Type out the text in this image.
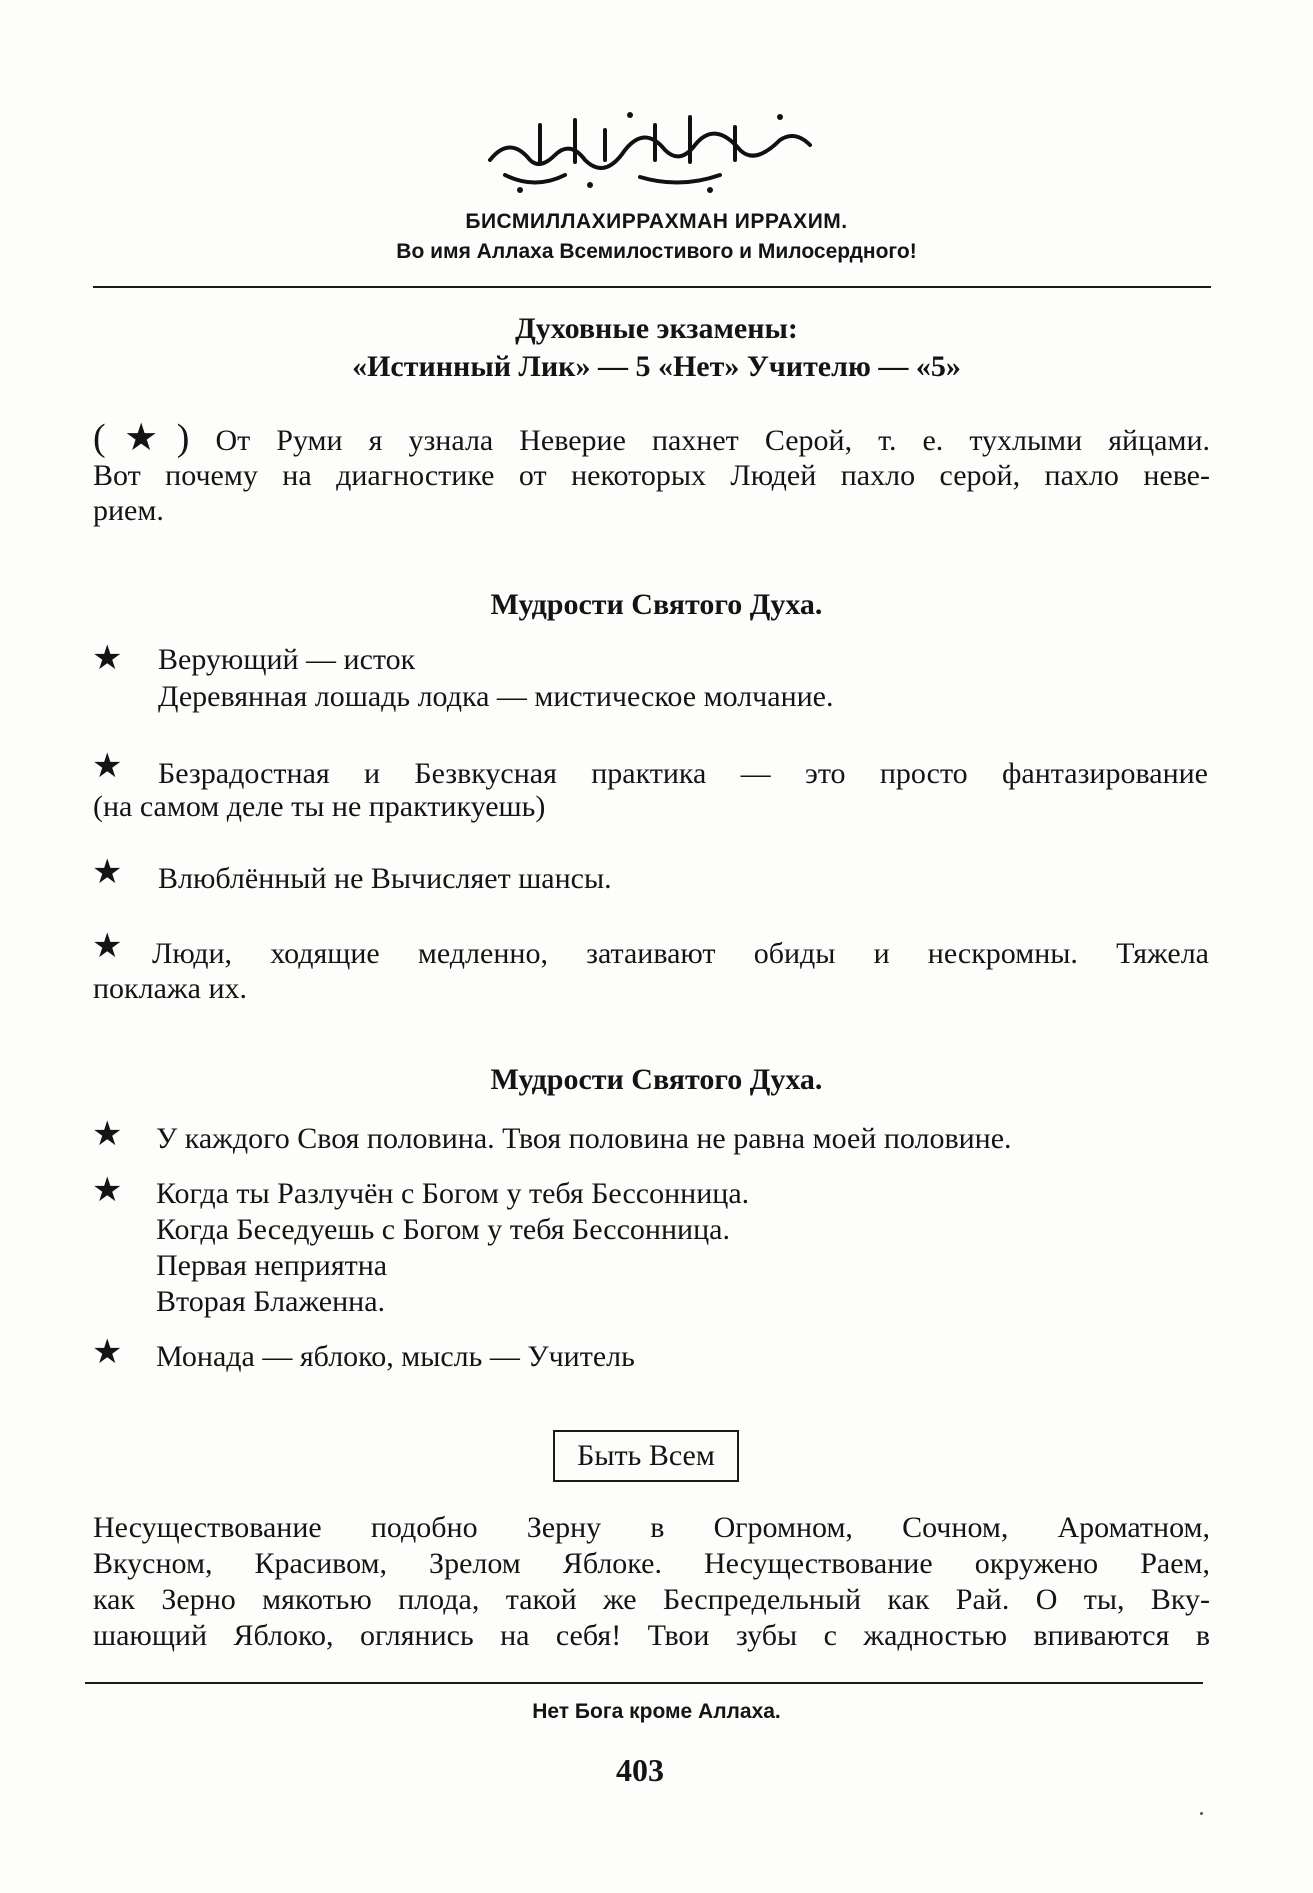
БИСМИЛЛАХИРРАХМАН ИРРАХИМ.
Во имя Аллаха Всемилостивого и Милосердного!
Духовные экзамены:
«Истинный Лик» — 5 «Нет» Учителю — «5»
(★) От Руми я узнала Неверие пахнет Серой, т. е. тухлыми яйцами.
Вот почему на диагностике от некоторых Людей пахло серой, пахло неве-
рием.
Мудрости Святого Духа.
★ Верующий — исток
Деревянная лошадь лодка — мистическое молчание.
★ Безрадостная и Безвкусная практика — это просто фантазирование
(на самом деле ты не практикуешь)
★ Влюблённый не Вычисляет шансы.
★ Люди, ходящие медленно, затаивают обиды и нескромны. Тяжела
поклажа их.
Мудрости Святого Духа.
★ У каждого Своя половина. Твоя половина не равна моей половине.
★ Когда ты Разлучён с Богом у тебя Бессонница.
Когда Беседуешь с Богом у тебя Бессонница.
Первая неприятна
Вторая Блаженна.
★ Монада — яблоко, мысль — Учитель
Быть Всем
Несуществование подобно Зерну в Огромном, Сочном, Ароматном,
Вкусном, Красивом, Зрелом Яблоке. Несуществование окружено Раем,
как Зерно мякотью плода, такой же Беспредельный как Рай. О ты, Вку-
шающий Яблоко, оглянись на себя! Твои зубы с жадностью впиваются в
Нет Бога кроме Аллаха.
403
